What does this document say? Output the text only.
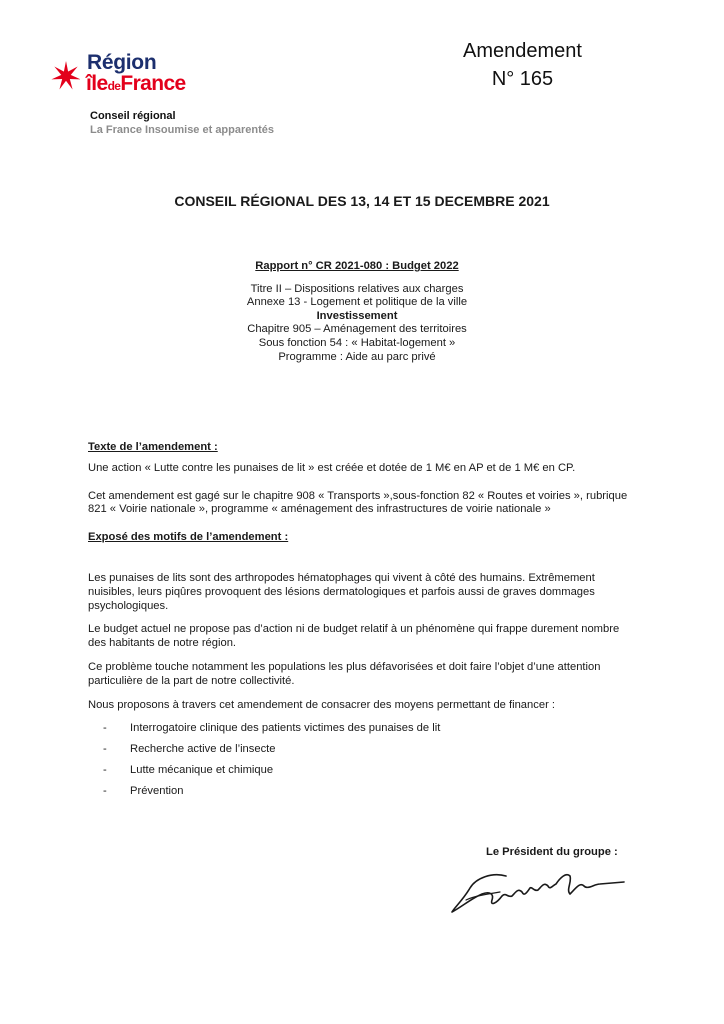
Région
îledeFrance
Conseil régional
La France Insoumise et apparentés
Amendement
N° 165
CONSEIL RÉGIONAL DES 13, 14 ET 15 DECEMBRE 2021
Rapport n° CR 2021-080 : Budget 2022
Titre II – Dispositions relatives aux charges
Annexe 13 - Logement et politique de la ville
Investissement
Chapitre 905 – Aménagement des territoires
Sous fonction 54 : « Habitat-logement »
Programme : Aide au parc privé
Texte de l’amendement :

Une action « Lutte contre les punaises de lit » est créée et dotée de 1 M€ en AP et de 1 M€ en CP.

Cet amendement est gagé sur le chapitre 908 « Transports »,sous-fonction 82 « Routes et voiries », rubrique 821 « Voirie nationale », programme « aménagement des infrastructures de voirie nationale »

Exposé des motifs de l’amendement :

Les punaises de lits sont des arthropodes hématophages qui vivent à côté des humains. Extrêmement nuisibles, leurs piqûres provoquent des lésions dermatologiques et parfois aussi de graves dommages psychologiques.

Le budget actuel ne propose pas d’action ni de budget relatif à un phénomène qui frappe durement nombre des habitants de notre région.

Ce problème touche notamment les populations les plus défavorisées et doit faire l’objet d’une attention particulière de la part de notre collectivité.

Nous proposons à travers cet amendement de consacrer des moyens permettant de financer :

- Interrogatoire clinique des patients victimes des punaises de lit
- Recherche active de l’insecte
- Lutte mécanique et chimique
- Prévention
Le Président du groupe :
